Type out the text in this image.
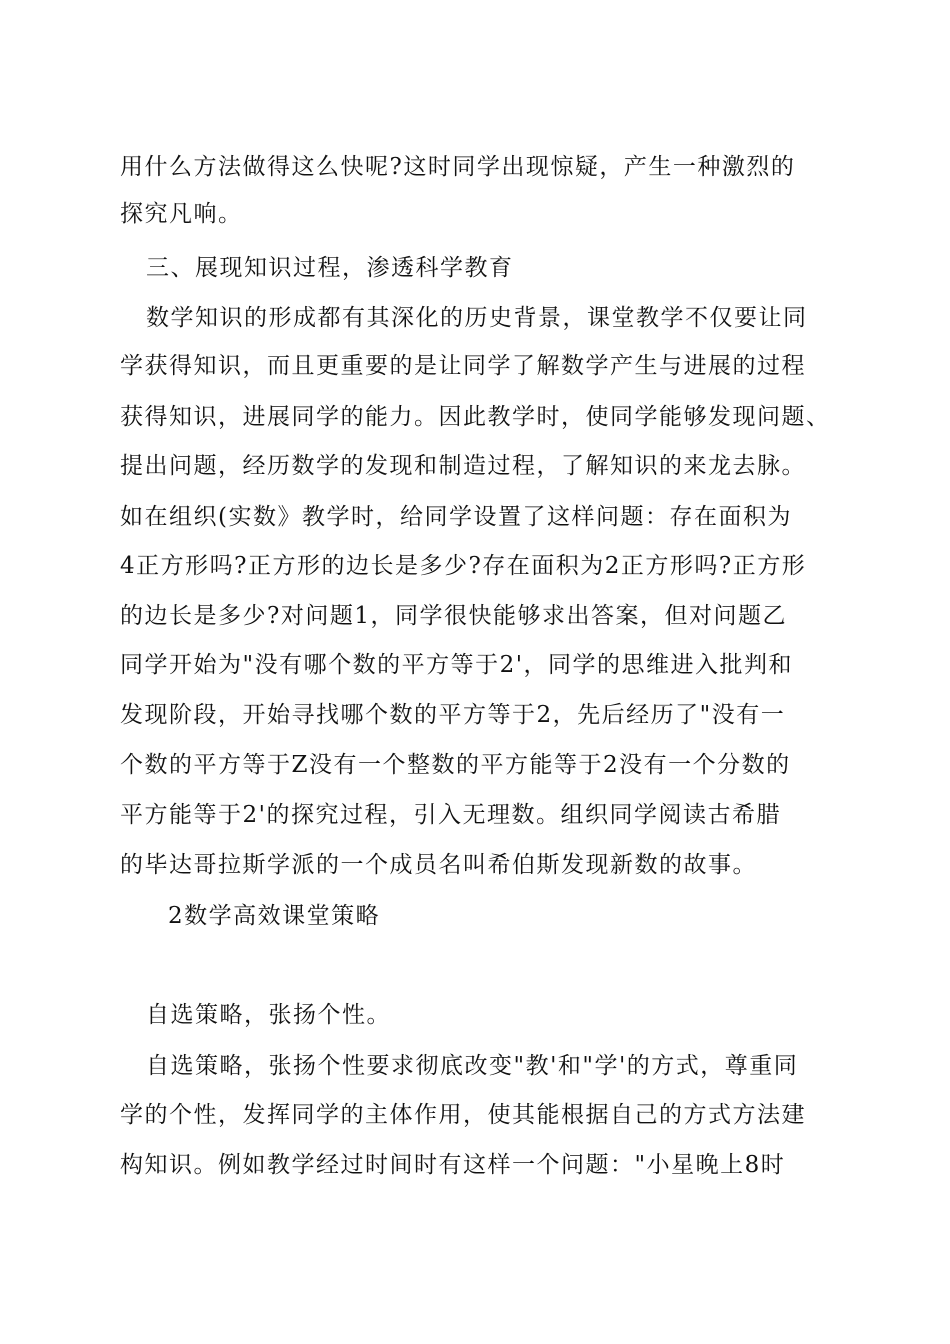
用什么方法做得这么快呢?这时同学出现惊疑，产生一种激烈的
探究凡响。
三、展现知识过程，渗透科学教育
数学知识的形成都有其深化的历史背景，课堂教学不仅要让同
学获得知识，而且更重要的是让同学了解数学产生与进展的过程
获得知识，进展同学的能力。因此教学时，使同学能够发现问题、
提出问题，经历数学的发现和制造过程，了解知识的来龙去脉。
如在组织(实数》教学时，给同学设置了这样问题：存在面积为
4正方形吗?正方形的边长是多少?存在面积为2正方形吗?正方形
的边长是多少?对问题1，同学很快能够求出答案，但对问题乙
同学开始为"没有哪个数的平方等于2'，同学的思维进入批判和
发现阶段，开始寻找哪个数的平方等于2，先后经历了"没有一
个数的平方等于Z没有一个整数的平方能等于2没有一个分数的
平方能等于2'的探究过程，引入无理数。组织同学阅读古希腊
的毕达哥拉斯学派的一个成员名叫希伯斯发现新数的故事。
2数学高效课堂策略
自选策略，张扬个性。
自选策略，张扬个性要求彻底改变"教'和"学'的方式，尊重同
学的个性，发挥同学的主体作用，使其能根据自己的方式方法建
构知识。例如教学经过时间时有这样一个问题："小星晚上8时
